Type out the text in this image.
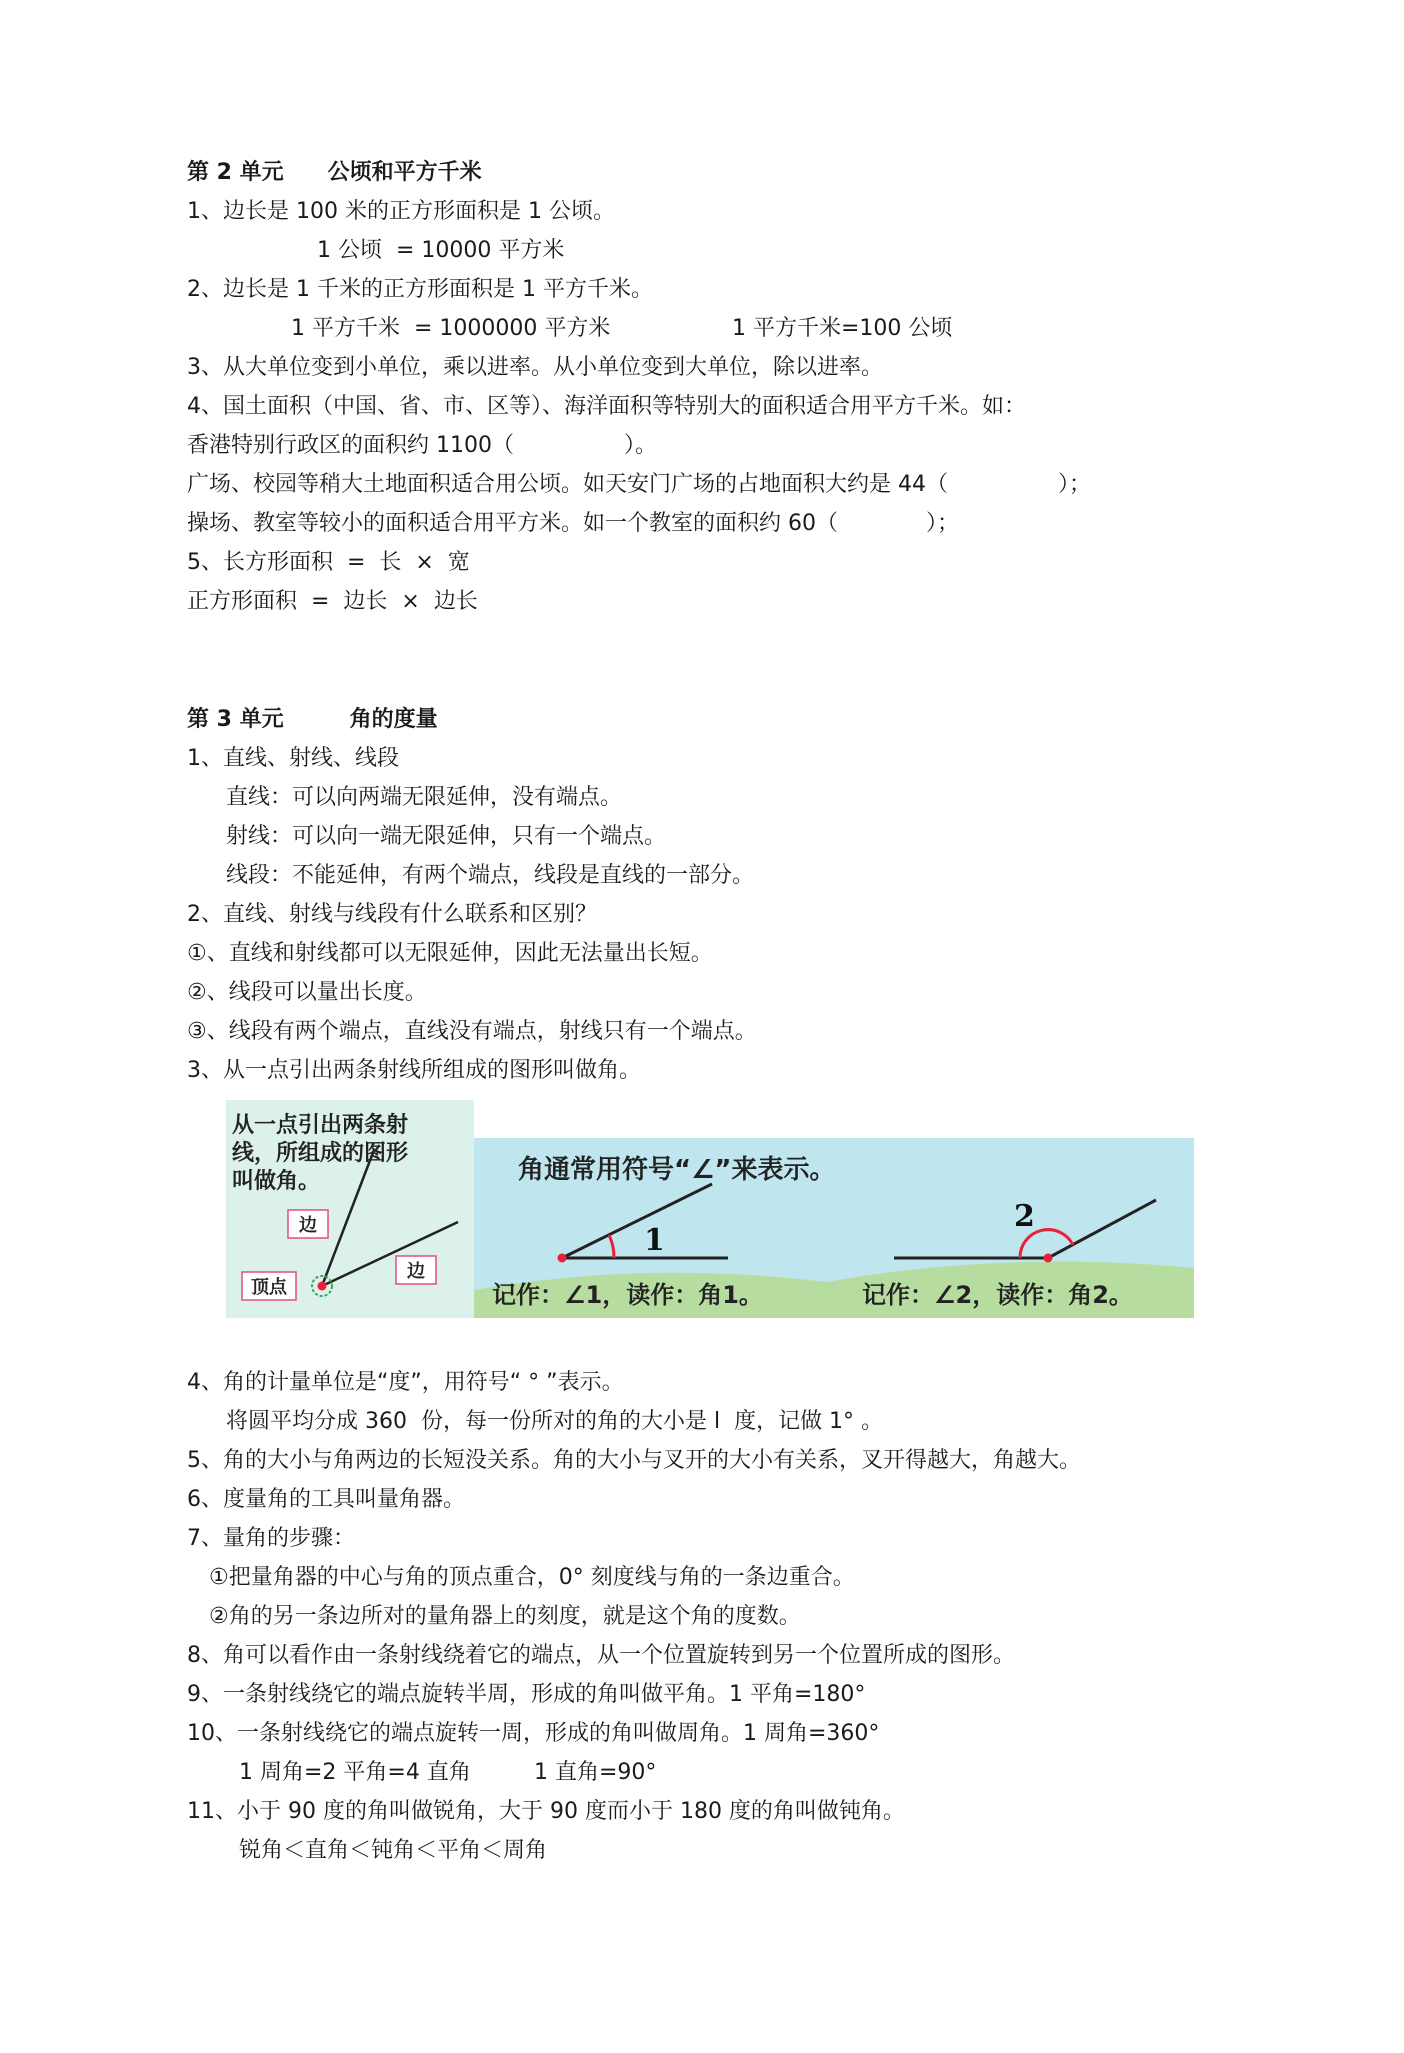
第 2 单元　　公顷和平方千米
1、边长是 100 米的正方形面积是 1 公顷。
1 公顷  = 10000 平方米
2、边长是 1 千米的正方形面积是 1 平方千米。
1 平方千米  = 1000000 平方米	1 平方千米=100 公顷
3、从大单位变到小单位，乘以进率。从小单位变到大单位，除以进率。
4、国土面积（中国、省、市、区等）、海洋面积等特别大的面积适合用平方千米。如：
香港特别行政区的面积约 1100（　　　　　）。
广场、校园等稍大土地面积适合用公顷。如天安门广场的占地面积大约是 44（　　　　　）；
操场、教室等较小的面积适合用平方米。如一个教室的面积约 60（　　　　）；
5、长方形面积  =  长  ×  宽
正方形面积  =  边长  ×  边长
第 3 单元　　　角的度量
1、直线、射线、线段
直线：可以向两端无限延伸，没有端点。
射线：可以向一端无限延伸，只有一个端点。
线段：不能延伸，有两个端点，线段是直线的一部分。
2、直线、射线与线段有什么联系和区别？
①、直线和射线都可以无限延伸，因此无法量出长短。
②、线段可以量出长度。
③、线段有两个端点，直线没有端点，射线只有一个端点。
3、从一点引出两条射线所组成的图形叫做角。
从一点引出两条射
线，所组成的图形
叫做角。
边
边
顶点
角通常用符号“∠”来表示。
1
2
记作：∠1，读作：角1。	记作：∠2，读作：角2。
4、角的计量单位是“度”，用符号“ ° ”表示。
将圆平均分成 360  份，每一份所对的角的大小是 l  度，记做 1° 。
5、角的大小与角两边的长短没关系。角的大小与叉开的大小有关系，叉开得越大，角越大。
6、度量角的工具叫量角器。
7、量角的步骤：
①把量角器的中心与角的顶点重合，0° 刻度线与角的一条边重合。
②角的另一条边所对的量角器上的刻度，就是这个角的度数。
8、角可以看作由一条射线绕着它的端点，从一个位置旋转到另一个位置所成的图形。
9、一条射线绕它的端点旋转半周，形成的角叫做平角。1 平角=180°
10、一条射线绕它的端点旋转一周，形成的角叫做周角。1 周角=360°
1 周角=2 平角=4 直角	1 直角=90°
11、小于 90 度的角叫做锐角，大于 90 度而小于 180 度的角叫做钝角。
锐角＜直角＜钝角＜平角＜周角
